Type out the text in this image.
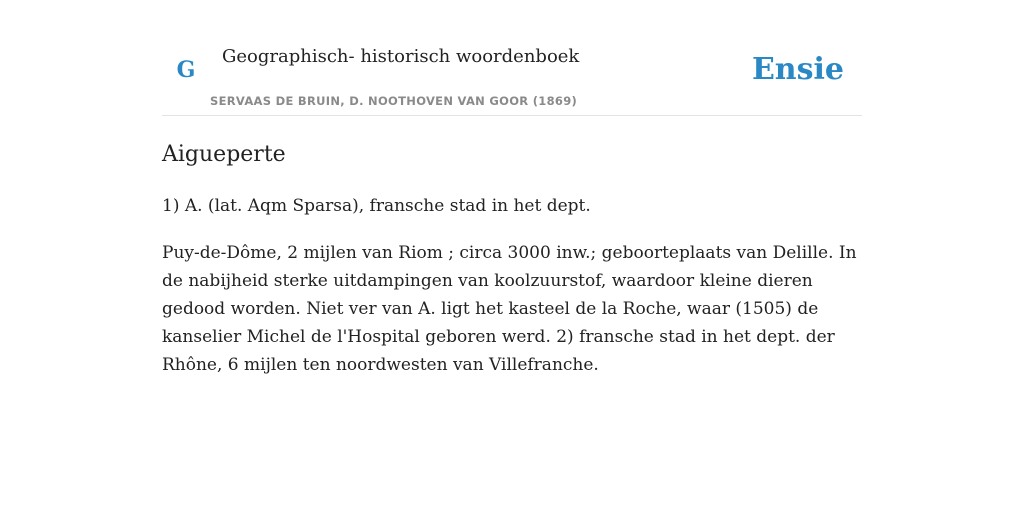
G
Geographisch- historisch woordenboek
SERVAAS DE BRUIN, D. NOOTHOVEN VAN GOOR (1869)
Ensie
Aigueperte

1) A. (lat. Aqm Sparsa), fransche stad in het dept.

Puy-de-Dôme, 2 mijlen van Riom ; circa 3000 inw.; geboorteplaats van Delille. In de nabijheid sterke uitdampingen van koolzuurstof, waardoor kleine dieren gedood worden. Niet ver van A. ligt het kasteel de la Roche, waar (1505) de kanselier Michel de l'Hospital geboren werd. 2) fransche stad in het dept. der Rhône, 6 mijlen ten noordwesten van Villefranche.
